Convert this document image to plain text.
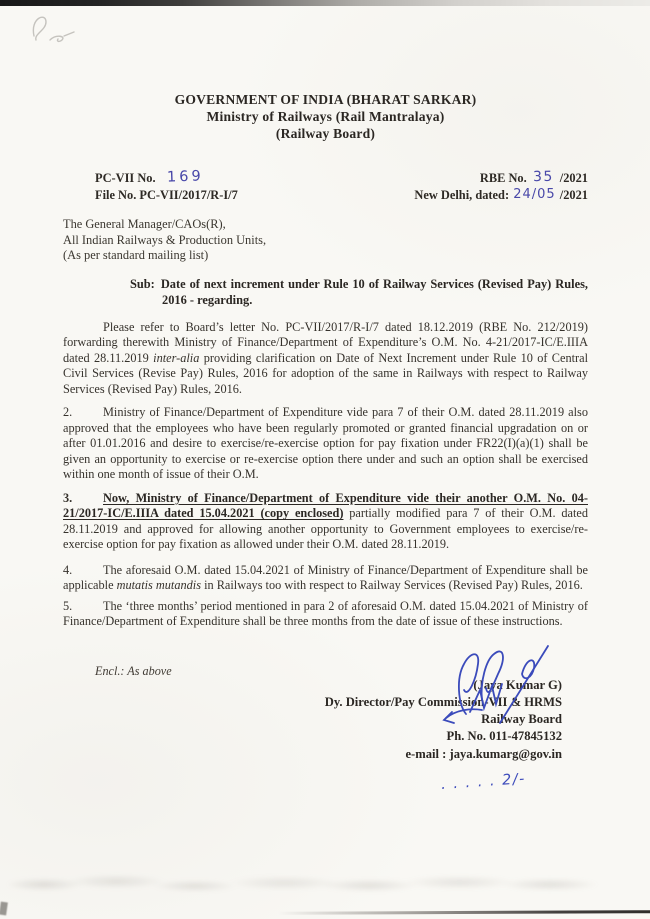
GOVERNMENT OF INDIA (BHARAT SARKAR)
Ministry of Railways (Rail Mantralaya)
(Railway Board)
PC-VII No. 169
File No. PC-VII/2017/R-I/7
RBE No. 35 /2021
New Delhi, dated: 24/05 /2021
The General Manager/CAOs(R),
All Indian Railways & Production Units,
(As per standard mailing list)
Sub: Date of next increment under Rule 10 of Railway Services (Revised Pay) Rules, 2016 - regarding.
Please refer to Board’s letter No. PC-VII/2017/R-I/7 dated 18.12.2019 (RBE No. 212/2019) forwarding therewith Ministry of Finance/Department of Expenditure’s O.M. No. 4-21/2017-IC/E.IIIA dated 28.11.2019 inter-alia providing clarification on Date of Next Increment under Rule 10 of Central Civil Services (Revise Pay) Rules, 2016 for adoption of the same in Railways with respect to Railway Services (Revised Pay) Rules, 2016.
2.	Ministry of Finance/Department of Expenditure vide para 7 of their O.M. dated 28.11.2019 also approved that the employees who have been regularly promoted or granted financial upgradation on or after 01.01.2016 and desire to exercise/re-exercise option for pay fixation under FR22(I)(a)(1) shall be given an opportunity to exercise or re-exercise option there under and such an option shall be exercised within one month of issue of their O.M.
3.	Now, Ministry of Finance/Department of Expenditure vide their another O.M. No. 04-21/2017-IC/E.IIIA dated 15.04.2021 (copy enclosed) partially modified para 7 of their O.M. dated 28.11.2019 and approved for allowing another opportunity to Government employees to exercise/re-exercise option for pay fixation as allowed under their O.M. dated 28.11.2019.
4.	The aforesaid O.M. dated 15.04.2021 of Ministry of Finance/Department of Expenditure shall be applicable mutatis mutandis in Railways too with respect to Railway Services (Revised Pay) Rules, 2016.
5.	The ‘three months’ period mentioned in para 2 of aforesaid O.M. dated 15.04.2021 of Ministry of Finance/Department of Expenditure shall be three months from the date of issue of these instructions.
Encl.: As above
(Jaya Kumar G)
Dy. Director/Pay Commission-VII & HRMS
Railway Board
Ph. No. 011-47845132
e-mail : jaya.kumarg@gov.in
. . . . . 2/-
